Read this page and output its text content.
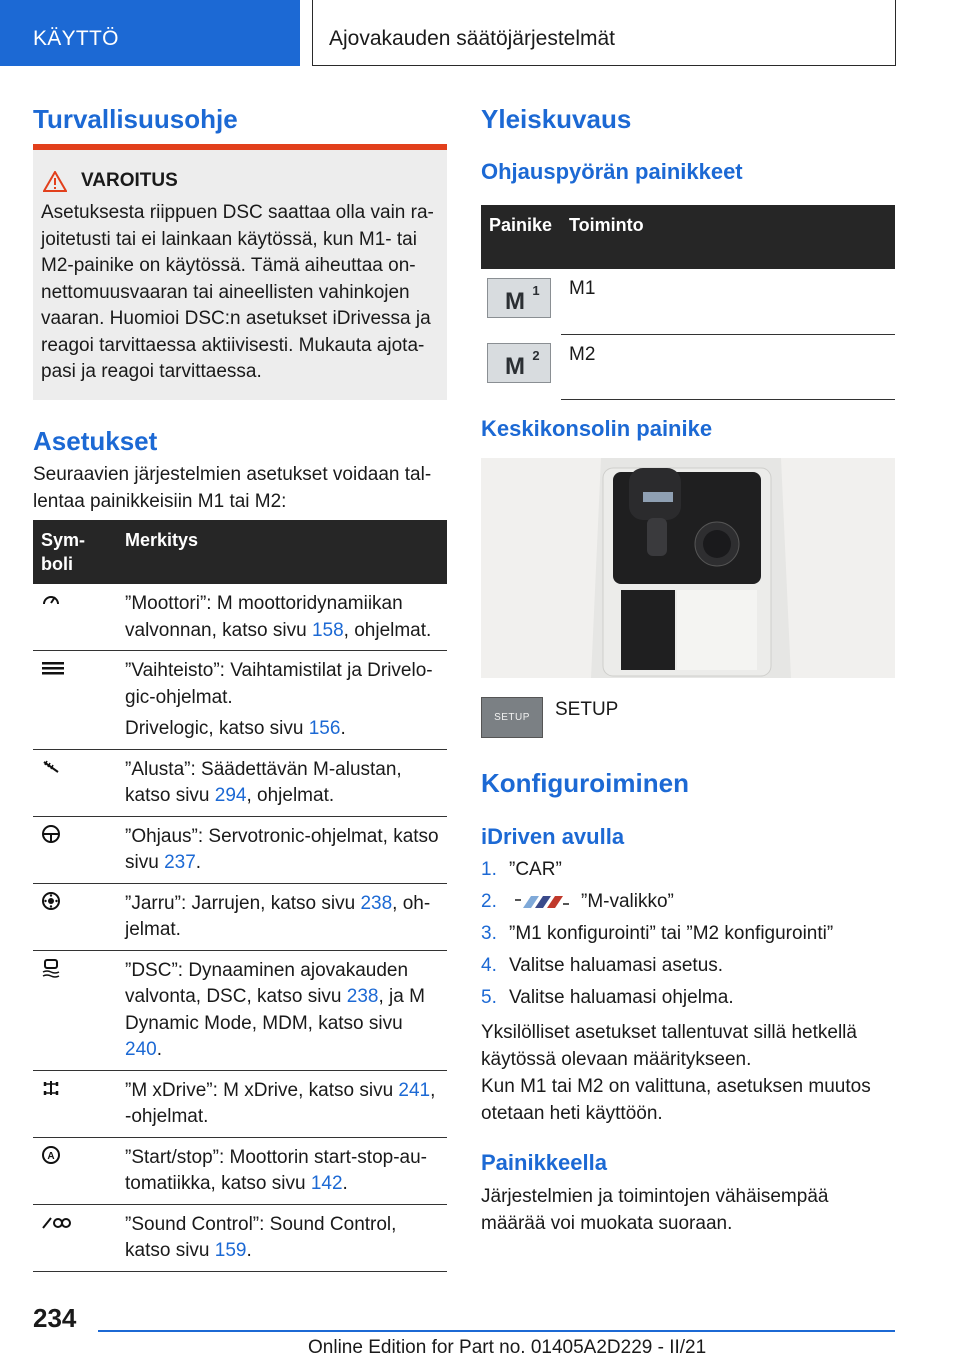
KÄYTTÖ	Ajovakauden säätöjärjestelmät
Turvallisuusohje
VAROITUS
Asetuksesta riippuen DSC saattaa olla vain rajoitetusti tai ei lainkaan käytössä, kun M1- tai M2-painike on käytössä. Tämä aiheuttaa onnettomuusvaaran tai aineellisten vahinkojen vaaran. Huomioi DSC:n asetukset iDrivessa ja reagoi tarvittaessa aktiivisesti. Mukauta ajotapasi ja reagoi tarvittaessa.
Asetukset
Seuraavien järjestelmien asetukset voidaan tallentaa painikkeisiin M1 tai M2:
Symboli	Merkitys
	”Moottori”: M moottoridynamiikan valvonnan, katso sivu 158, ohjelmat.

”Vaihteisto”: Vaihtamistilat ja Drivelogic-ohjelmat.
Drivelogic, katso sivu 156.

	”Alusta”: Säädettävän M-alustan, katso sivu 294, ohjelmat.
	”Ohjaus”: Servotronic-ohjelmat, katso sivu 237.
	”Jarru”: Jarrujen, katso sivu 238, ohjelmat.
	”DSC”: Dynaaminen ajovakauden valvonta, DSC, katso sivu 238, ja M Dynamic Mode, MDM, katso sivu 240.
	”M xDrive”: M xDrive, katso sivu 241, ‑ohjelmat.

A	”Start/stop”: Moottorin start-stop-automatiikka, katso sivu 142.
	”Sound Control”: Sound Control, katso sivu 159.
Yleiskuvaus
Ohjauspyörän painikkeet
Painike	Toiminto

M 1	M1

M 2	M2
Keskikonsolin painike
SETUP	SETUP
Konfiguroiminen
iDriven avulla
1. ”CAR”
2.	”M-valikko”
3. ”M1 konfigurointi” tai ”M2 konfigurointi”
4. Valitse haluamasi asetus.
5. Valitse haluamasi ohjelma.
Yksilölliset asetukset tallentuvat sillä hetkellä käytössä olevaan määritykseen.
Kun M1 tai M2 on valittuna, asetuksen muutos otetaan heti käyttöön.
Painikkeella
Järjestelmien ja toimintojen vähäisempää määrää voi muokata suoraan.
234
Online Edition for Part no. 01405A2D229 - II/21
